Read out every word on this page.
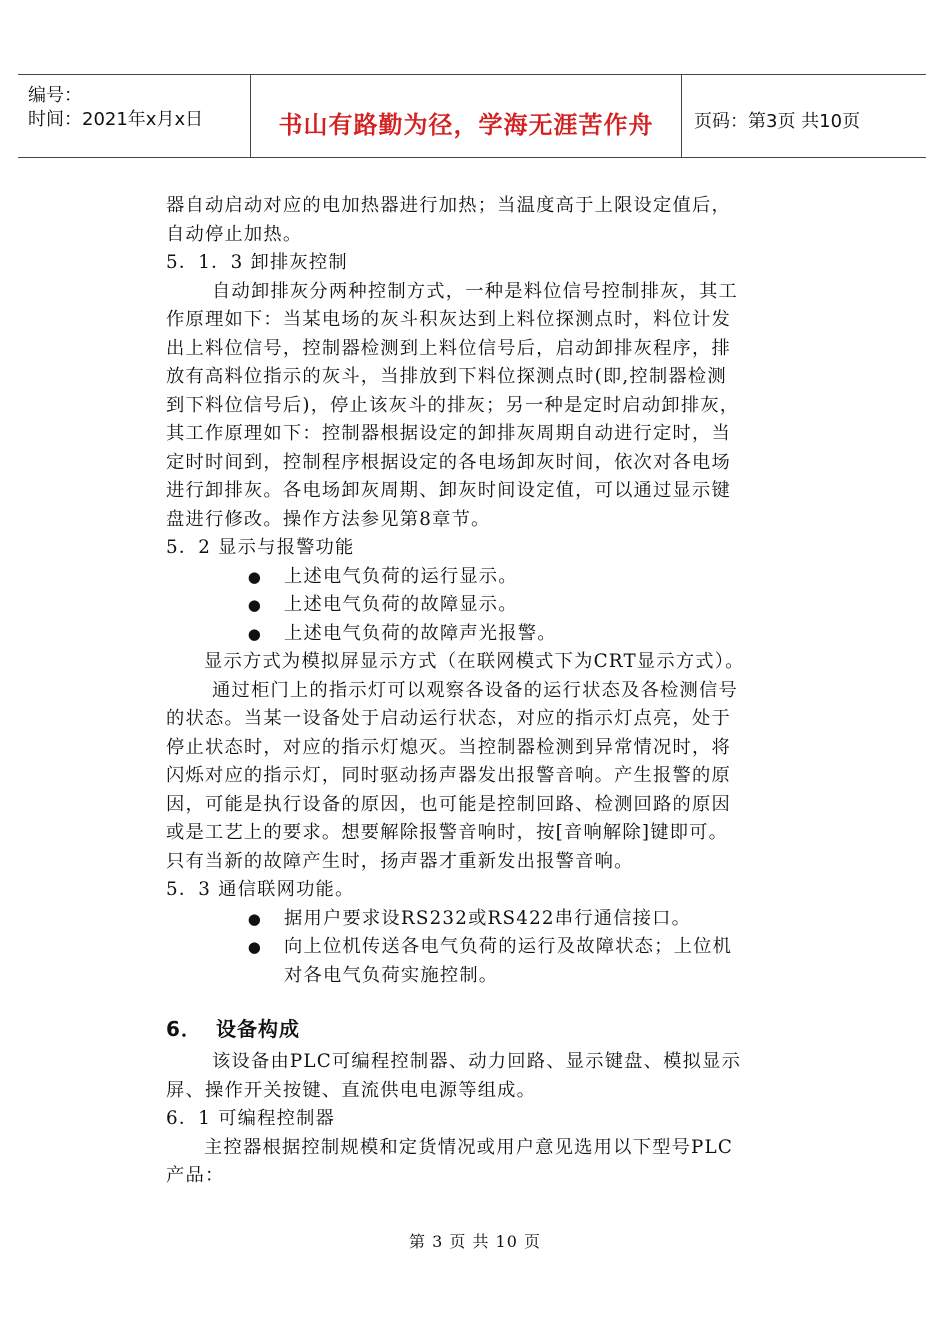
编号：
时间：2021年x月x日	书山有路勤为径，学海无涯苦作舟	页码：第3页 共10页

器自动启动对应的电加热器进行加热；当温度高于上限设定值后，

自动停止加热。

5．1．3 卸排灰控制

自动卸排灰分两种控制方式，一种是料位信号控制排灰，其工

作原理如下：当某电场的灰斗积灰达到上料位探测点时，料位计发

出上料位信号，控制器检测到上料位信号后，启动卸排灰程序，排

放有高料位指示的灰斗，当排放到下料位探测点时(即,控制器检测

到下料位信号后)，停止该灰斗的排灰；另一种是定时启动卸排灰，

其工作原理如下：控制器根据设定的卸排灰周期自动进行定时，当

定时时间到，控制程序根据设定的各电场卸灰时间，依次对各电场

进行卸排灰。各电场卸灰周期、卸灰时间设定值，可以通过显示键

盘进行修改。操作方法参见第8章节。

5．2 显示与报警功能

●	上述电气负荷的运行显示。
●	上述电气负荷的故障显示。
●	上述电气负荷的故障声光报警。

显示方式为模拟屏显示方式（在联网模式下为CRT显示方式）。

通过柜门上的指示灯可以观察各设备的运行状态及各检测信号

的状态。当某一设备处于启动运行状态，对应的指示灯点亮，处于

停止状态时，对应的指示灯熄灭。当控制器检测到异常情况时，将

闪烁对应的指示灯，同时驱动扬声器发出报警音响。产生报警的原

因，可能是执行设备的原因，也可能是控制回路、检测回路的原因

或是工艺上的要求。想要解除报警音响时，按[音响解除]键即可。

只有当新的故障产生时，扬声器才重新发出报警音响。

5．3 通信联网功能。

●	据用户要求设RS232或RS422串行通信接口。
●	向上位机传送各电气负荷的运行及故障状态；上位机
对各电气负荷实施控制。
6． 设备构成

该设备由PLC可编程控制器、动力回路、显示键盘、模拟显示

屏、操作开关按键、直流供电电源等组成。

6．1 可编程控制器

主控器根据控制规模和定货情况或用户意见选用以下型号PLC

产品：

第 3 页 共 10 页
